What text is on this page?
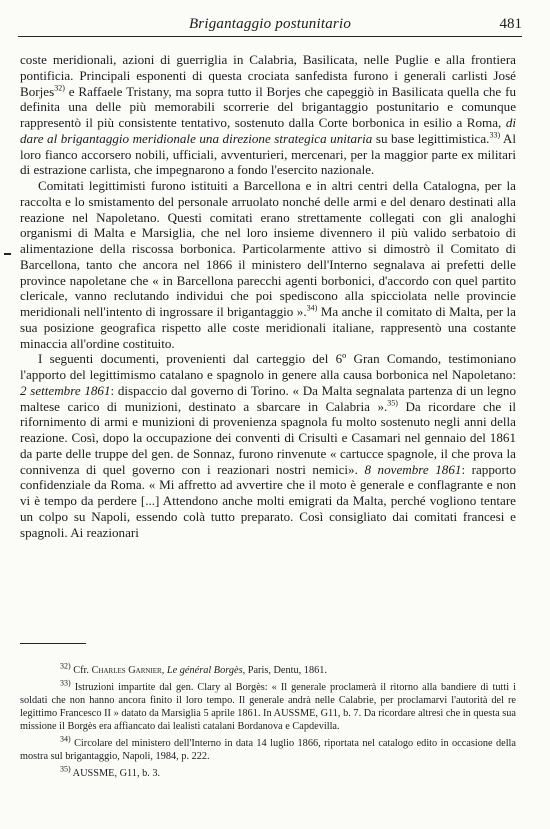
Brigantaggio postunitario	481

coste meridionali, azioni di guerriglia in Calabria, Basilicata, nelle Puglie e alla frontiera pontificia. Principali esponenti di questa crociata sanfedista furono i generali carlisti José Borjes$^{32)}$ e Raffaele Tristany, ma sopra tutto il Borjes che capeggiò in Basilicata quella che fu definita una delle più memorabili scorrerie del brigantaggio postunitario e comunque rappresentò il più consistente tentativo, sostenuto dalla Corte borbonica in esilio a Roma, di dare al brigantaggio meridionale una direzione strategica unitaria su base legittimistica.$^{33)}$ Al loro fianco accorsero nobili, ufficiali, avventurieri, mercenari, per la maggior parte ex militari di estrazione carlista, che impegnarono a fondo l'esercito nazionale.

Comitati legittimisti furono istituiti a Barcellona e in altri centri della Catalogna, per la raccolta e lo smistamento del personale arruolato nonché delle armi e del denaro destinati alla reazione nel Napoletano. Questi comitati erano strettamente collegati con gli analoghi organismi di Malta e Marsiglia, che nel loro insieme divennero il più valido serbatoio di alimentazione della riscossa borbonica. Particolarmente attivo si dimostrò il Comitato di Barcellona, tanto che ancora nel 1866 il ministero dell'Interno segnalava ai prefetti delle province napoletane che « in Barcellona parecchi agenti borbonici, d'accordo con quel partito clericale, vanno reclutando individui che poi spediscono alla spicciolata nelle provincie meridionali nell'intento di ingrossare il brigantaggio ».$^{34)}$ Ma anche il comitato di Malta, per la sua posizione geografica rispetto alle coste meridionali italiane, rappresentò una costante minaccia all'ordine costituito.

I seguenti documenti, provenienti dal carteggio del 6º Gran Comando, testimoniano l'apporto del legittimismo catalano e spagnolo in genere alla causa borbonica nel Napoletano: 2 settembre 1861: dispaccio dal governo di Torino. « Da Malta segnalata partenza di un legno maltese carico di munizioni, destinato a sbarcare in Calabria ».$^{35)}$ Da ricordare che il rifornimento di armi e munizioni di provenienza spagnola fu molto sostenuto negli anni della reazione. Così, dopo la occupazione dei conventi di Crisulti e Casamari nel gennaio del 1861 da parte delle truppe del gen. de Sonnaz, furono rinvenute « cartucce spagnole, il che prova la connivenza di quel governo con i reazionari nostri nemici». 8 novembre 1861: rapporto confidenziale da Roma. « Mi affretto ad avvertire che il moto è generale e conflagrante e non vi è tempo da perdere [...] Attendono anche molti emigrati da Malta, perché vogliono tentare un colpo su Napoli, essendo colà tutto preparato. Così consigliato dai comitati francesi e spagnoli. Ai reazionari

$^{32)}$ Cfr. Charles Garnier, Le général Borgès, Paris, Dentu, 1861.

$^{33)}$ Istruzioni impartite dal gen. Clary al Borgès: « Il generale proclamerà il ritorno alla bandiere di tutti i soldati che non hanno ancora finito il loro tempo. Il generale andrà nelle Calabrie, per proclamarvi l'autorità del re legittimo Francesco II » datato da Marsiglia 5 aprile 1861. In AUSSME, G11, b. 7. Da ricordare altresì che in questa sua missione il Borgès era affiancato dai lealisti catalani Bordanova e Capdevilla.

$^{34)}$ Circolare del ministero dell'Interno in data 14 luglio 1866, riportata nel catalogo edito in occasione della mostra sul brigantaggio, Napoli, 1984, p. 222.

$^{35)}$ AUSSME, G11, b. 3.
